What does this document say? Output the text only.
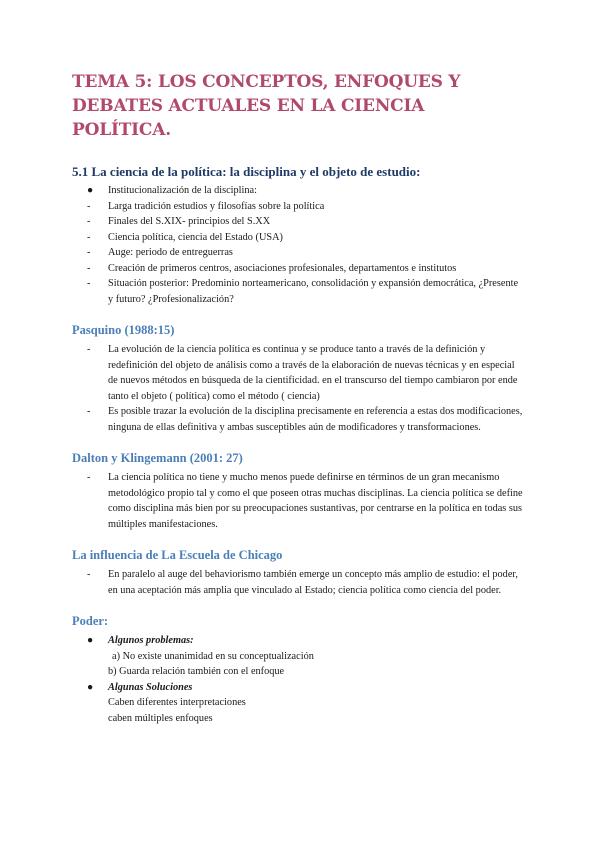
TEMA 5: LOS CONCEPTOS, ENFOQUES Y DEBATES ACTUALES EN LA CIENCIA POLÍTICA.
5.1 La ciencia de la política: la disciplina y el objeto de estudio:
● Institucionalización de la disciplina:
- Larga tradición estudios y filosofías sobre la política
- Finales del S.XIX- principios del S.XX
- Ciencia política, ciencia del Estado (USA)
- Auge: periodo de entreguerras
- Creación de primeros centros, asociaciones profesionales, departamentos e institutos
- Situación posterior: Predominio norteamericano, consolidación y expansión democrática, ¿Presente y futuro? ¿Profesionalización?
Pasquino (1988:15)
- La evolución de la ciencia política es continua y se produce tanto a través de la definición y redefinición del objeto de análisis como a través de la elaboración de nuevas técnicas y en especial de nuevos métodos en búsqueda de la cientificidad. en el transcurso del tiempo cambiaron por ende tanto el objeto ( política) como el método ( ciencia)
- Es posible trazar la evolución de la disciplina precisamente en referencia a estas dos modificaciones, ninguna de ellas definitiva y ambas susceptibles aún de modificadores y transformaciones.
Dalton y Klingemann (2001: 27)
- La ciencia política no tiene y mucho menos puede definirse en términos de un gran mecanismo metodológico propio tal y como el que poseen otras muchas disciplinas. La ciencia política se define como disciplina más bien por su preocupaciones sustantivas, por centrarse en la política en todas sus múltiples manifestaciones.
La influencia de La Escuela de Chicago
- En paralelo al auge del behaviorismo también emerge un concepto más amplio de estudio: el poder, en una aceptación más amplia que vinculado al Estado; ciencia política como ciencia del poder.
Poder:
● Algunos problemas:
a) No existe unanimidad en su conceptualización
b) Guarda relación también con el enfoque
● Algunas Soluciones
Caben diferentes interpretaciones
caben múltiples enfoques
